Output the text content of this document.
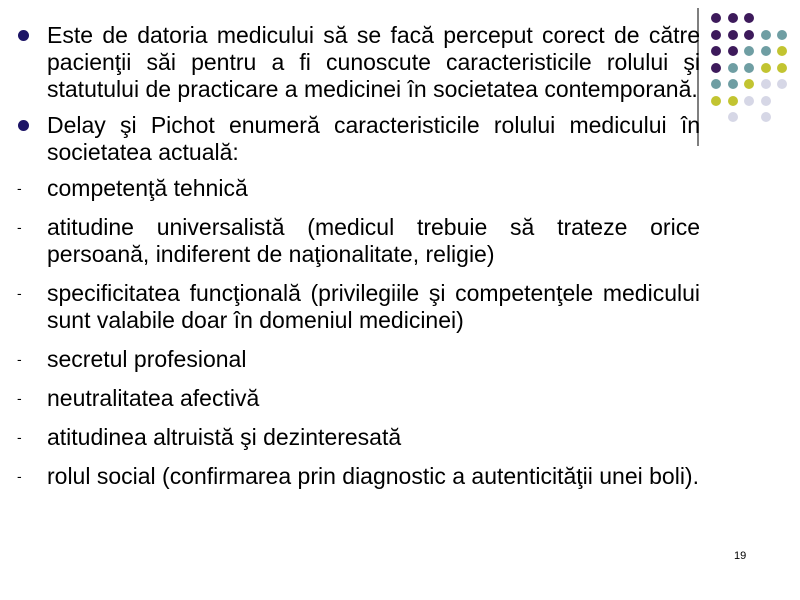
Este de datoria medicului să se facă perceput corect de către pacienţii săi pentru a fi cunoscute caracteristicile rolului şi statutului de practicare a medicinei în societatea contemporană.
Delay şi Pichot enumeră caracteristicile rolului medicului în societatea actuală:
- competenţă tehnică
- atitudine universalistă (medicul trebuie să trateze orice persoană, indiferent de naţionalitate, religie)
- specificitatea funcţională (privilegiile şi competenţele medicului sunt valabile doar în domeniul medicinei)
- secretul profesional
- neutralitatea afectivă
- atitudinea altruistă şi dezinteresată
- rolul social (confirmarea prin diagnostic a autenticităţii unei boli).
19
